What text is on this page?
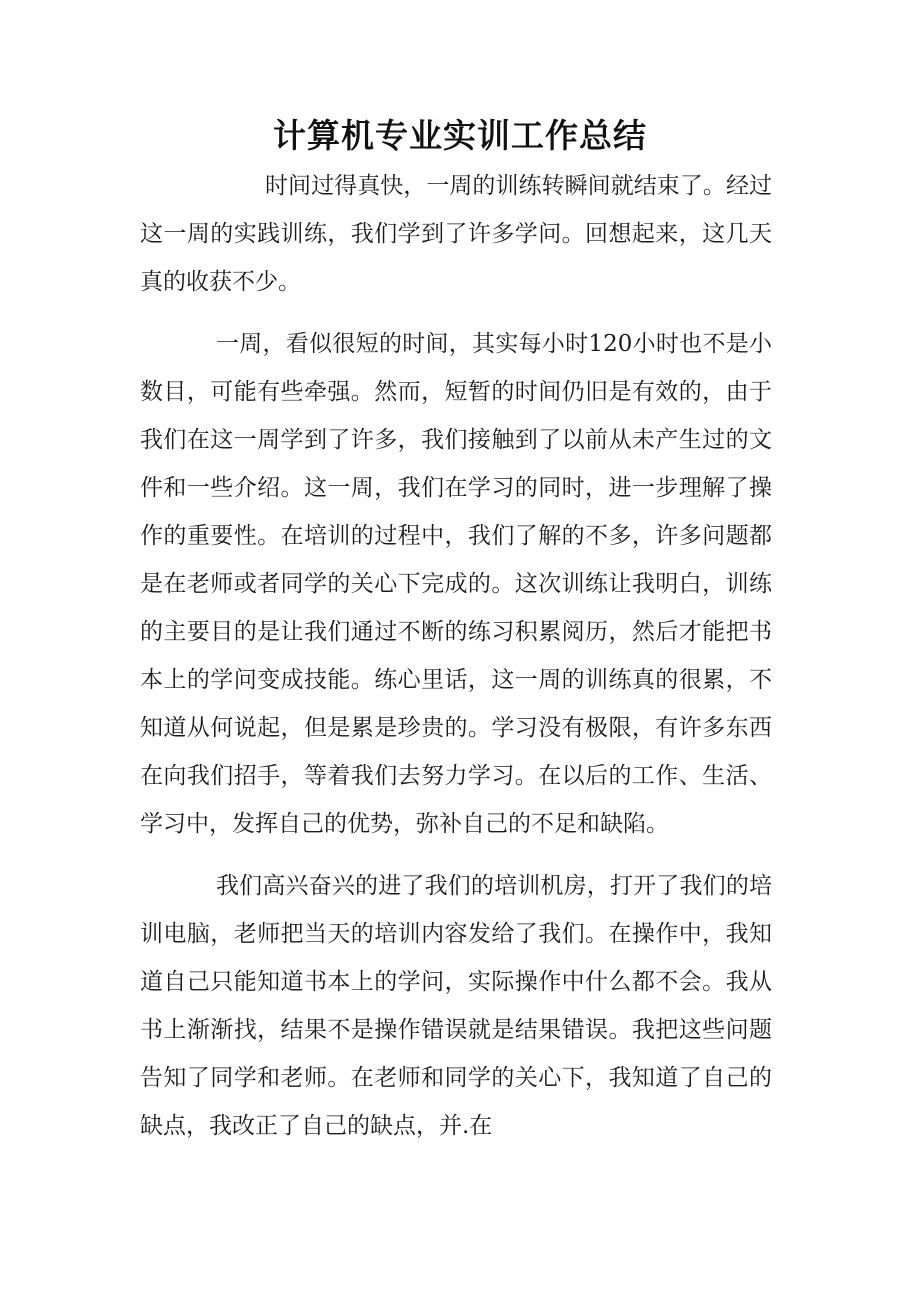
计算机专业实训工作总结

时间过得真快，一周的训练转瞬间就结束了。经过这一周的实践训练，我们学到了许多学问。回想起来，这几天真的收获不少。

一周，看似很短的时间，其实每小时120小时也不是小数目，可能有些牵强。然而，短暂的时间仍旧是有效的，由于我们在这一周学到了许多，我们接触到了以前从未产生过的文件和一些介绍。这一周，我们在学习的同时，进一步理解了操作的重要性。在培训的过程中，我们了解的不多，许多问题都是在老师或者同学的关心下完成的。这次训练让我明白，训练的主要目的是让我们通过不断的练习积累阅历，然后才能把书本上的学问变成技能。练心里话，这一周的训练真的很累，不知道从何说起，但是累是珍贵的。学习没有极限，有许多东西在向我们招手，等着我们去努力学习。在以后的工作、生活、学习中，发挥自己的优势，弥补自己的不足和缺陷。

我们高兴奋兴的进了我们的培训机房，打开了我们的培训电脑，老师把当天的培训内容发给了我们。在操作中，我知道自己只能知道书本上的学问，实际操作中什么都不会。我从书上渐渐找，结果不是操作错误就是结果错误。我把这些问题告知了同学和老师。在老师和同学的关心下，我知道了自己的缺点，我改正了自己的缺点，并.在
